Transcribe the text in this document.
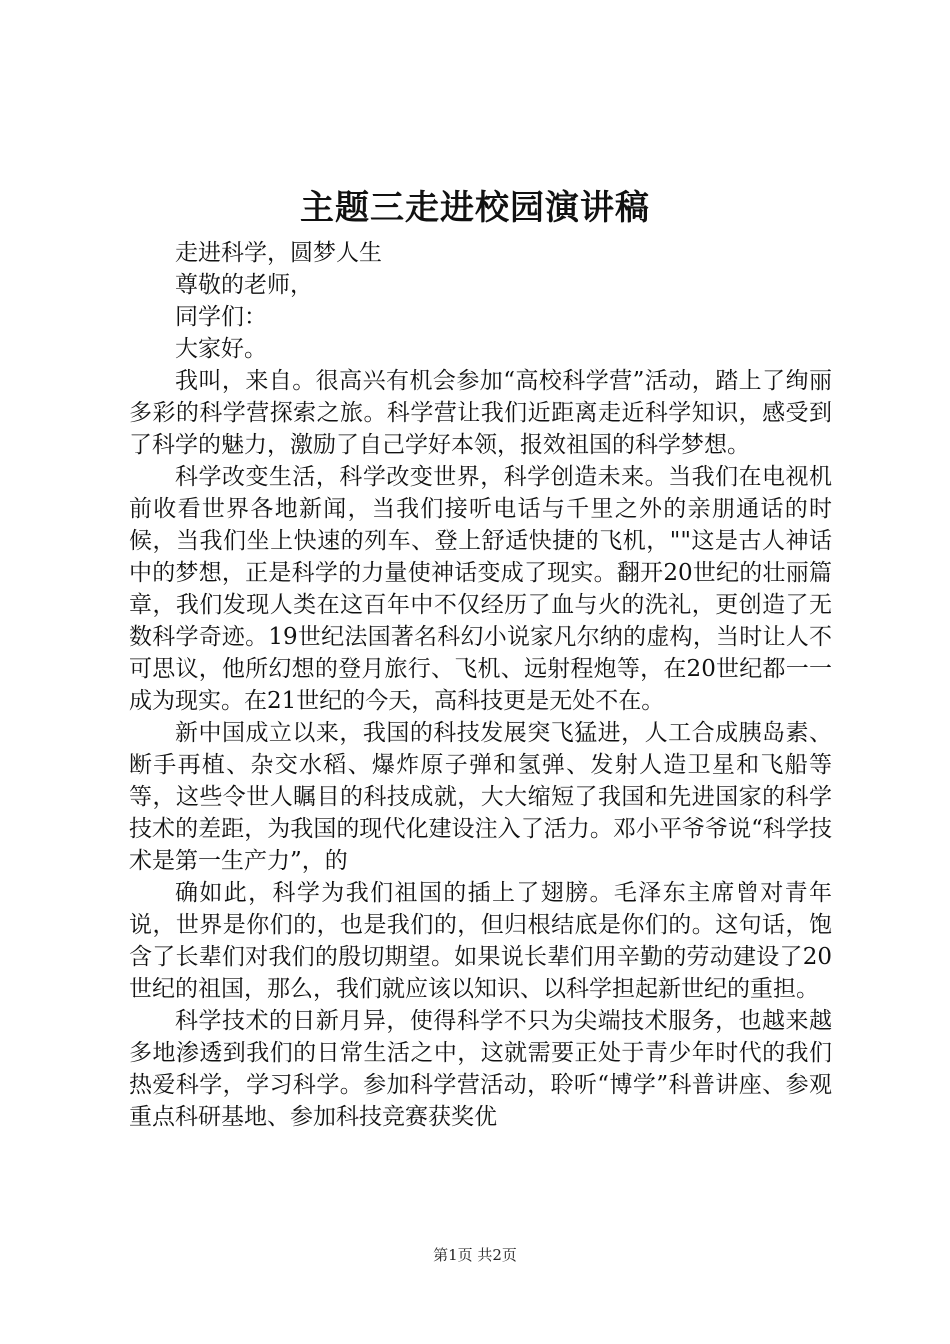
主题三走进校园演讲稿

走进科学，圆梦人生

尊敬的老师，

同学们：

大家好。

我叫，来自。很高兴有机会参加“高校科学营”活动，踏上了绚丽多彩的科学营探索之旅。科学营让我们近距离走近科学知识，感受到了科学的魅力，激励了自己学好本领，报效祖国的科学梦想。

科学改变生活，科学改变世界，科学创造未来。当我们在电视机前收看世界各地新闻，当我们接听电话与千里之外的亲朋通话的时候，当我们坐上快速的列车、登上舒适快捷的飞机，""这是古人神话中的梦想，正是科学的力量使神话变成了现实。翻开20世纪的壮丽篇章，我们发现人类在这百年中不仅经历了血与火的洗礼，更创造了无数科学奇迹。19世纪法国著名科幻小说家凡尔纳的虚构，当时让人不可思议，他所幻想的登月旅行、飞机、远射程炮等，在20世纪都一一成为现实。在21世纪的今天，高科技更是无处不在。

新中国成立以来，我国的科技发展突飞猛进，人工合成胰岛素、断手再植、杂交水稻、爆炸原子弹和氢弹、发射人造卫星和飞船等等，这些令世人瞩目的科技成就，大大缩短了我国和先进国家的科学技术的差距，为我国的现代化建设注入了活力。邓小平爷爷说“科学技术是第一生产力”，的

确如此，科学为我们祖国的插上了翅膀。毛泽东主席曾对青年说，世界是你们的，也是我们的，但归根结底是你们的。这句话，饱含了长辈们对我们的殷切期望。如果说长辈们用辛勤的劳动建设了20世纪的祖国，那么，我们就应该以知识、以科学担起新世纪的重担。

科学技术的日新月异，使得科学不只为尖端技术服务，也越来越多地渗透到我们的日常生活之中，这就需要正处于青少年时代的我们热爱科学，学习科学。参加科学营活动，聆听“博学”科普讲座、参观重点科研基地、参加科技竞赛获奖优

第1页 共2页
